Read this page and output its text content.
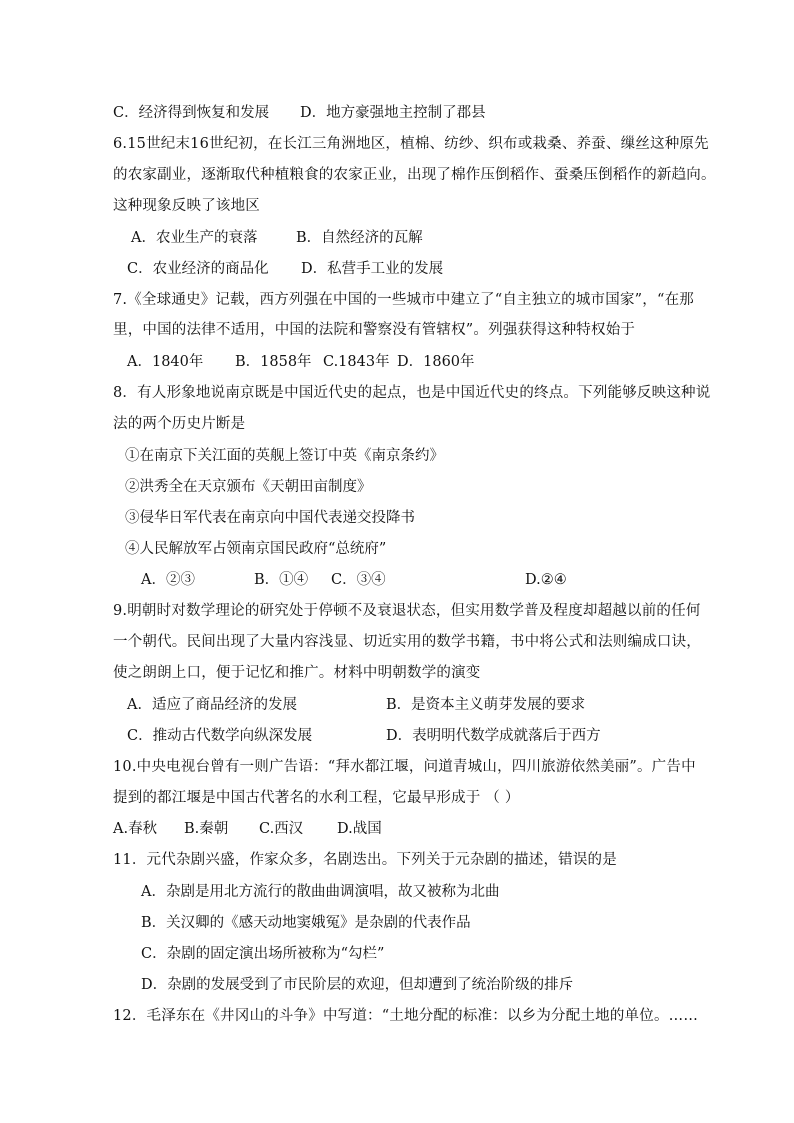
C．经济得到恢复和发展 D．地方豪强地主控制了郡县
6.15世纪末16世纪初，在长江三角洲地区，植棉、纺纱、织布或栽桑、养蚕、缫丝这种原先
的农家副业，逐渐取代种植粮食的农家正业，出现了棉作压倒稻作、蚕桑压倒稻作的新趋向。
这种现象反映了该地区
A．农业生产的衰落	B．自然经济的瓦解
C．农业经济的商品化 D．私营手工业的发展
7.《全球通史》记载，西方列强在中国的一些城市中建立了“自主独立的城市国家”，“在那
里，中国的法律不适用，中国的法院和警察没有管辖权”。列强获得这种特权始于
A．1840年 B．1858年 C.1843年 D．1860年
8．有人形象地说南京既是中国近代史的起点，也是中国近代史的终点。下列能够反映这种说
法的两个历史片断是
①在南京下关江面的英舰上签订中英《南京条约》
②洪秀全在天京颁布《天朝田亩制度》
③侵华日军代表在南京向中国代表递交投降书
④人民解放军占领南京国民政府“总统府”
A．②③	B．①④ C．③④	D.②④
9.明朝时对数学理论的研究处于停顿不及衰退状态，但实用数学普及程度却超越以前的任何
一个朝代。民间出现了大量内容浅显、切近实用的数学书籍，书中将公式和法则编成口诀，
使之朗朗上口，便于记忆和推广。材料中明朝数学的演变
A．适应了商品经济的发展	B．是资本主义萌芽发展的要求
C．推动古代数学向纵深发展	D．表明明代数学成就落后于西方
10.中央电视台曾有一则广告语：“拜水都江堰，问道青城山，四川旅游依然美丽”。广告中
提到的都江堰是中国古代著名的水利工程，它最早形成于 （ ）
A.春秋 B.秦朝 C.西汉 D.战国
11．元代杂剧兴盛，作家众多，名剧迭出。下列关于元杂剧的描述，错误的是
A．杂剧是用北方流行的散曲曲调演唱，故又被称为北曲
B．关汉卿的《感天动地窦娥冤》是杂剧的代表作品
C．杂剧的固定演出场所被称为“勾栏”
D．杂剧的发展受到了市民阶层的欢迎，但却遭到了统治阶级的排斥
12．毛泽东在《井冈山的斗争》中写道：“土地分配的标准：以乡为分配土地的单位。……
